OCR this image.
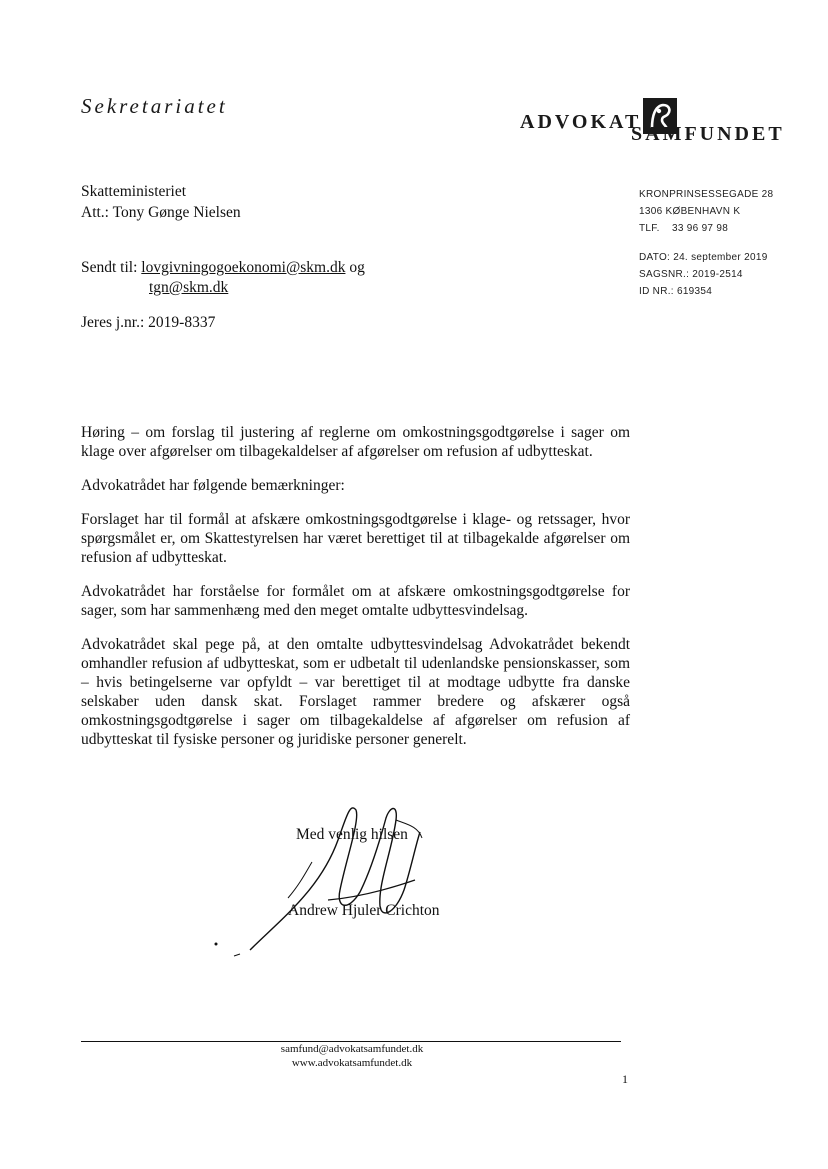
Sekretariatet
ADVOKAT
SAMFUNDET
Skatteministeriet
Att.: Tony Gønge Nielsen
Sendt til: lovgivningogoekonomi@skm.dk og
tgn@skm.dk
Jeres j.nr.: 2019-8337
KRONPRINSESSEGADE 28
1306 KØBENHAVN K
TLF.    33 96 97 98
DATO: 24. september 2019
SAGSNR.: 2019-2514
ID NR.: 619354

Høring – om forslag til justering af reglerne om omkostningsgodtgørelse i sager om klage over afgørelser om tilbagekaldelser af afgørelser om refusion af udbytteskat.

Advokatrådet har følgende bemærkninger:

Forslaget har til formål at afskære omkostningsgodtgørelse i klage- og retssager, hvor spørgsmålet er, om Skattestyrelsen har været berettiget til at tilbagekalde afgørelser om refusion af udbytteskat.

Advokatrådet har forståelse for formålet om at afskære omkostningsgodtgørelse for sager, som har sammenhæng med den meget omtalte udbyttesvindelsag.

Advokatrådet skal pege på, at den omtalte udbyttesvindelsag Advokatrådet bekendt omhandler refusion af udbytteskat, som er udbetalt til udenlandske pensionskasser, som – hvis betingelserne var opfyldt – var berettiget til at modtage udbytte fra danske selskaber uden dansk skat. Forslaget rammer bredere og afskærer også omkostningsgodtgørelse i sager om tilbagekaldelse af afgørelser om refusion af udbytteskat til fysiske personer og juridiske personer generelt.

Med venlig hilsen
Andrew Hjuler Crichton
samfund@advokatsamfundet.dk
www.advokatsamfundet.dk
1
